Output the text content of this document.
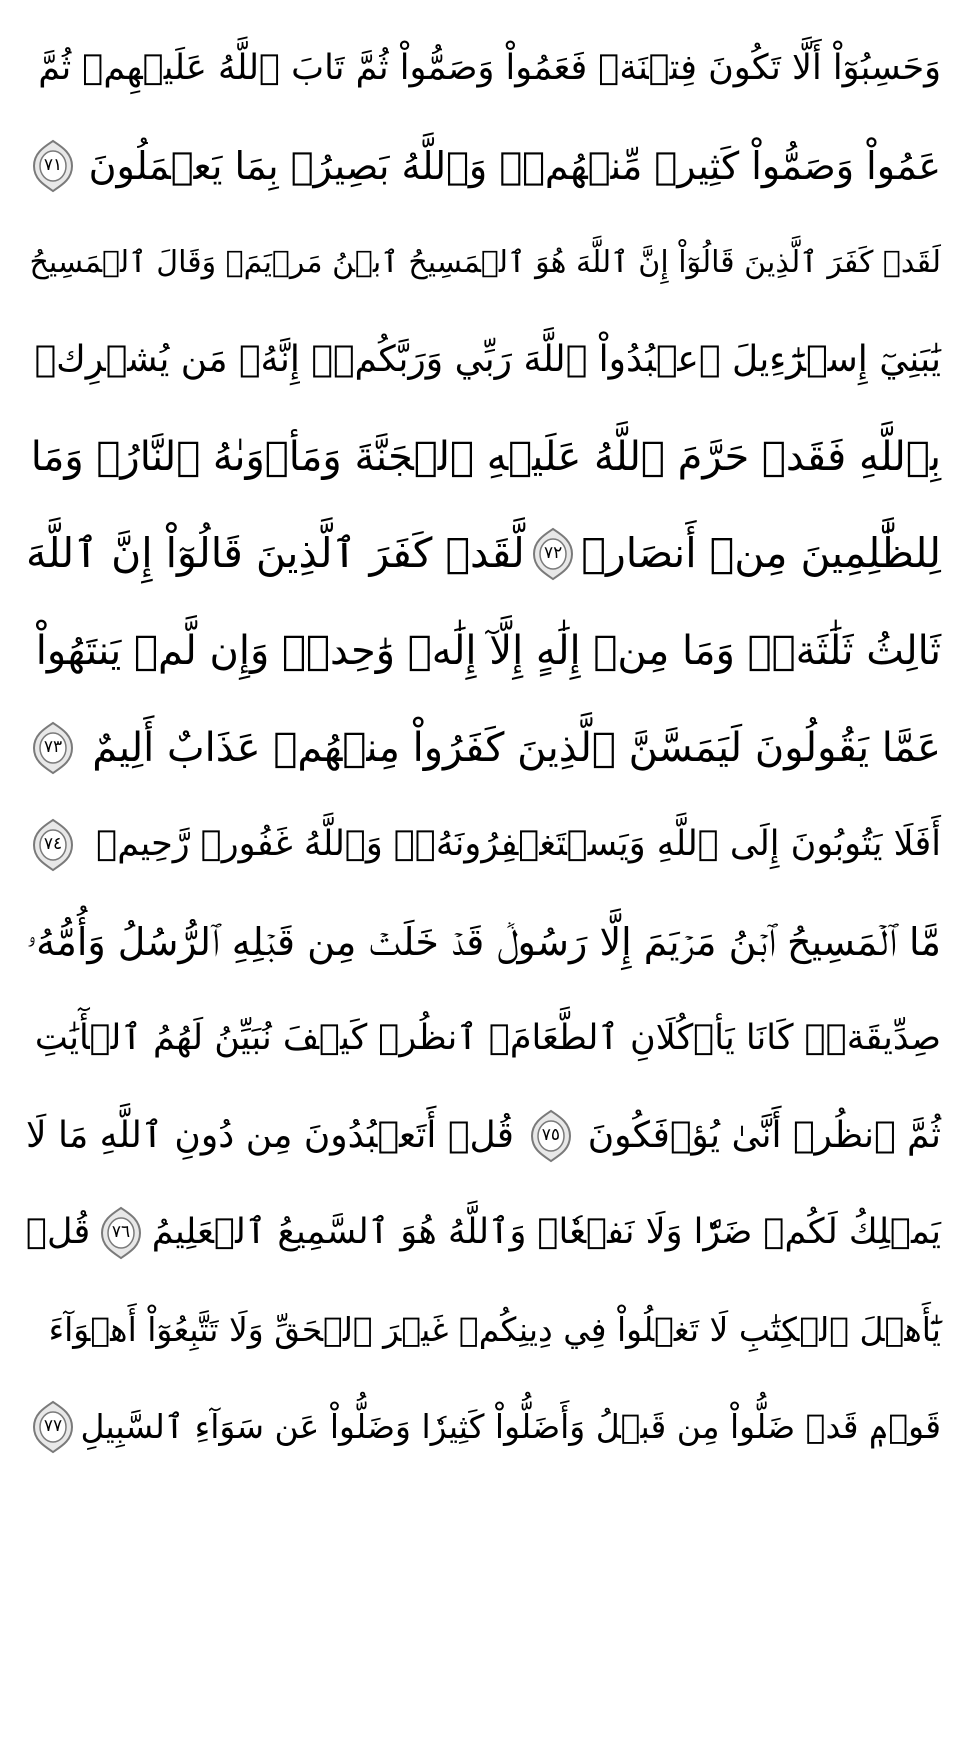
وَحَسِبُوٓاْ أَلَّا تَكُونَ فِتۡنَةٞ فَعَمُواْ وَصَمُّواْ ثُمَّ تَابَ ٱللَّهُ عَلَيۡهِمۡ ثُمَّ
عَمُواْ وَصَمُّواْ كَثِيرٞ مِّنۡهُمۡۚ وَٱللَّهُ بَصِيرُۢ بِمَا يَعۡمَلُونَ
٧١
لَقَدۡ كَفَرَ ٱلَّذِينَ قَالُوٓاْ إِنَّ ٱللَّهَ هُوَ ٱلۡمَسِيحُ ٱبۡنُ مَرۡيَمَۖ وَقَالَ ٱلۡمَسِيحُ
يَٰبَنِيٓ إِسۡرَٰٓءِيلَ ٱعۡبُدُواْ ٱللَّهَ رَبِّي وَرَبَّكُمۡۖ إِنَّهُۥ مَن يُشۡرِكۡ
بِٱللَّهِ فَقَدۡ حَرَّمَ ٱللَّهُ عَلَيۡهِ ٱلۡجَنَّةَ وَمَأۡوَىٰهُ ٱلنَّارُۖ وَمَا
لِلظَّٰلِمِينَ مِنۡ أَنصَارٖ
٧٢
لَّقَدۡ كَفَرَ ٱلَّذِينَ قَالُوٓاْ إِنَّ ٱللَّهَ
ثَالِثُ ثَلَٰثَةٖۘ وَمَا مِنۡ إِلَٰهٍ إِلَّآ إِلَٰهٞ وَٰحِدٞۚ وَإِن لَّمۡ يَنتَهُواْ
عَمَّا يَقُولُونَ لَيَمَسَّنَّ ٱلَّذِينَ كَفَرُواْ مِنۡهُمۡ عَذَابٌ أَلِيمٌ
٧٣
أَفَلَا يَتُوبُونَ إِلَى ٱللَّهِ وَيَسۡتَغۡفِرُونَهُۥۚ وَٱللَّهُ غَفُورٞ رَّحِيمٞ
٧٤
مَّا ٱلۡمَسِيحُ ٱبۡنُ مَرۡيَمَ إِلَّا رَسُولٞ قَدۡ خَلَتۡ مِن قَبۡلِهِ ٱلرُّسُلُ وَأُمُّهُۥ
صِدِّيقَةٞۖ كَانَا يَأۡكُلَانِ ٱلطَّعَامَۗ ٱنظُرۡ كَيۡفَ نُبَيِّنُ لَهُمُ ٱلۡأٓيَٰتِ
ثُمَّ ٱنظُرۡ أَنَّىٰ يُؤۡفَكُونَ
٧٥
قُلۡ أَتَعۡبُدُونَ مِن دُونِ ٱللَّهِ مَا لَا
يَمۡلِكُ لَكُمۡ ضَرّٗا وَلَا نَفۡعٗاۚ وَٱللَّهُ هُوَ ٱلسَّمِيعُ ٱلۡعَلِيمُ
٧٦
قُلۡ
يَٰٓأَهۡلَ ٱلۡكِتَٰبِ لَا تَغۡلُواْ فِي دِينِكُمۡ غَيۡرَ ٱلۡحَقِّ وَلَا تَتَّبِعُوٓاْ أَهۡوَآءَ
قَوۡمٖ قَدۡ ضَلُّواْ مِن قَبۡلُ وَأَضَلُّواْ كَثِيرٗا وَضَلُّواْ عَن سَوَآءِ ٱلسَّبِيلِ
٧٧
